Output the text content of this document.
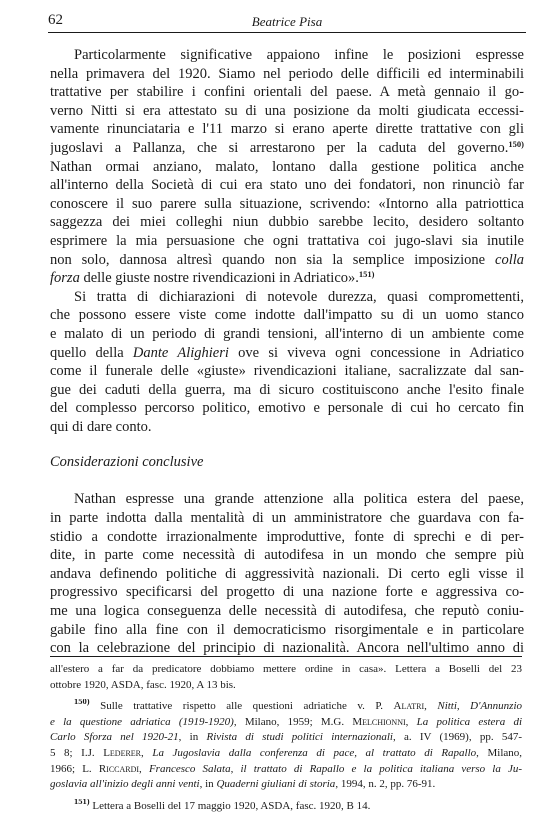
62	Beatrice Pisa
Particolarmente significative appaiono infine le posizioni espresse
nella primavera del 1920. Siamo nel periodo delle difficili ed interminabili
trattative per stabilire i confini orientali del paese. A metà gennaio il go-
verno Nitti si era attestato su di una posizione da molti giudicata eccessi-
vamente rinunciataria e l'11 marzo si erano aperte dirette trattative con gli
jugoslavi a Pallanza, che si arrestarono per la caduta del governo.$^{150)}$
Nathan ormai anziano, malato, lontano dalla gestione politica anche
all'interno della Società di cui era stato uno dei fondatori, non rinunciò far
conoscere il suo parere sulla situazione, scrivendo: «Intorno alla patriottica
saggezza dei miei colleghi niun dubbio sarebbe lecito, desidero soltanto
esprimere la mia persuasione che ogni trattativa coi jugo-slavi sia inutile
non solo, dannosa altresì quando non sia la semplice imposizione colla
forza delle giuste nostre rivendicazioni in Adriatico».$^{151)}$
Si tratta di dichiarazioni di notevole durezza, quasi compromettenti,
che possono essere viste come indotte dall'impatto su di un uomo stanco
e malato di un periodo di grandi tensioni, all'interno di un ambiente come
quello della Dante Alighieri ove si viveva ogni concessione in Adriatico
come il funerale delle «giuste» rivendicazioni italiane, sacralizzate dal san-
gue dei caduti della guerra, ma di sicuro costituiscono anche l'esito finale
del complesso percorso politico, emotivo e personale di cui ho cercato fin
qui di dare conto.
Considerazioni conclusive
Nathan espresse una grande attenzione alla politica estera del paese,
in parte indotta dalla mentalità di un amministratore che guardava con fa-
stidio a condotte irrazionalmente improduttive, fonte di sprechi e di per-
dite, in parte come necessità di autodifesa in un mondo che sempre più
andava definendo politiche di aggressività nazionali. Di certo egli visse il
progressivo specificarsi del progetto di una nazione forte e aggressiva co-
me una logica conseguenza delle necessità di autodifesa, che reputò coniu-
gabile fino alla fine con il democraticismo risorgimentale e in particolare
con la celebrazione del principio di nazionalità. Ancora nell'ultimo anno di
all'estero a far da predicatore dobbiamo mettere ordine in casa». Lettera a Boselli del 23
ottobre 1920, ASDA, fasc. 1920, A 13 bis.
$^{150)}$ Sulle trattative rispetto alle questioni adriatiche v. P. Alatri, Nitti, D'Annunzio
e la questione adriatica (1919-1920), Milano, 1959; M.G. Melchionni, La politica estera di
Carlo Sforza nel 1920-21, in Rivista di studi politici internazionali, a. IV (1969), pp. 547-
5 8; I.J. Lederer, La Jugoslavia dalla conferenza di pace, al trattato di Rapallo, Milano,
1966; L. Riccardi, Francesco Salata, il trattato di Rapallo e la politica italiana verso la Ju-
goslavia all'inizio degli anni venti, in Quaderni giuliani di storia, 1994, n. 2, pp. 76-91.
$^{151)}$ Lettera a Boselli del 17 maggio 1920, ASDA, fasc. 1920, B 14.
